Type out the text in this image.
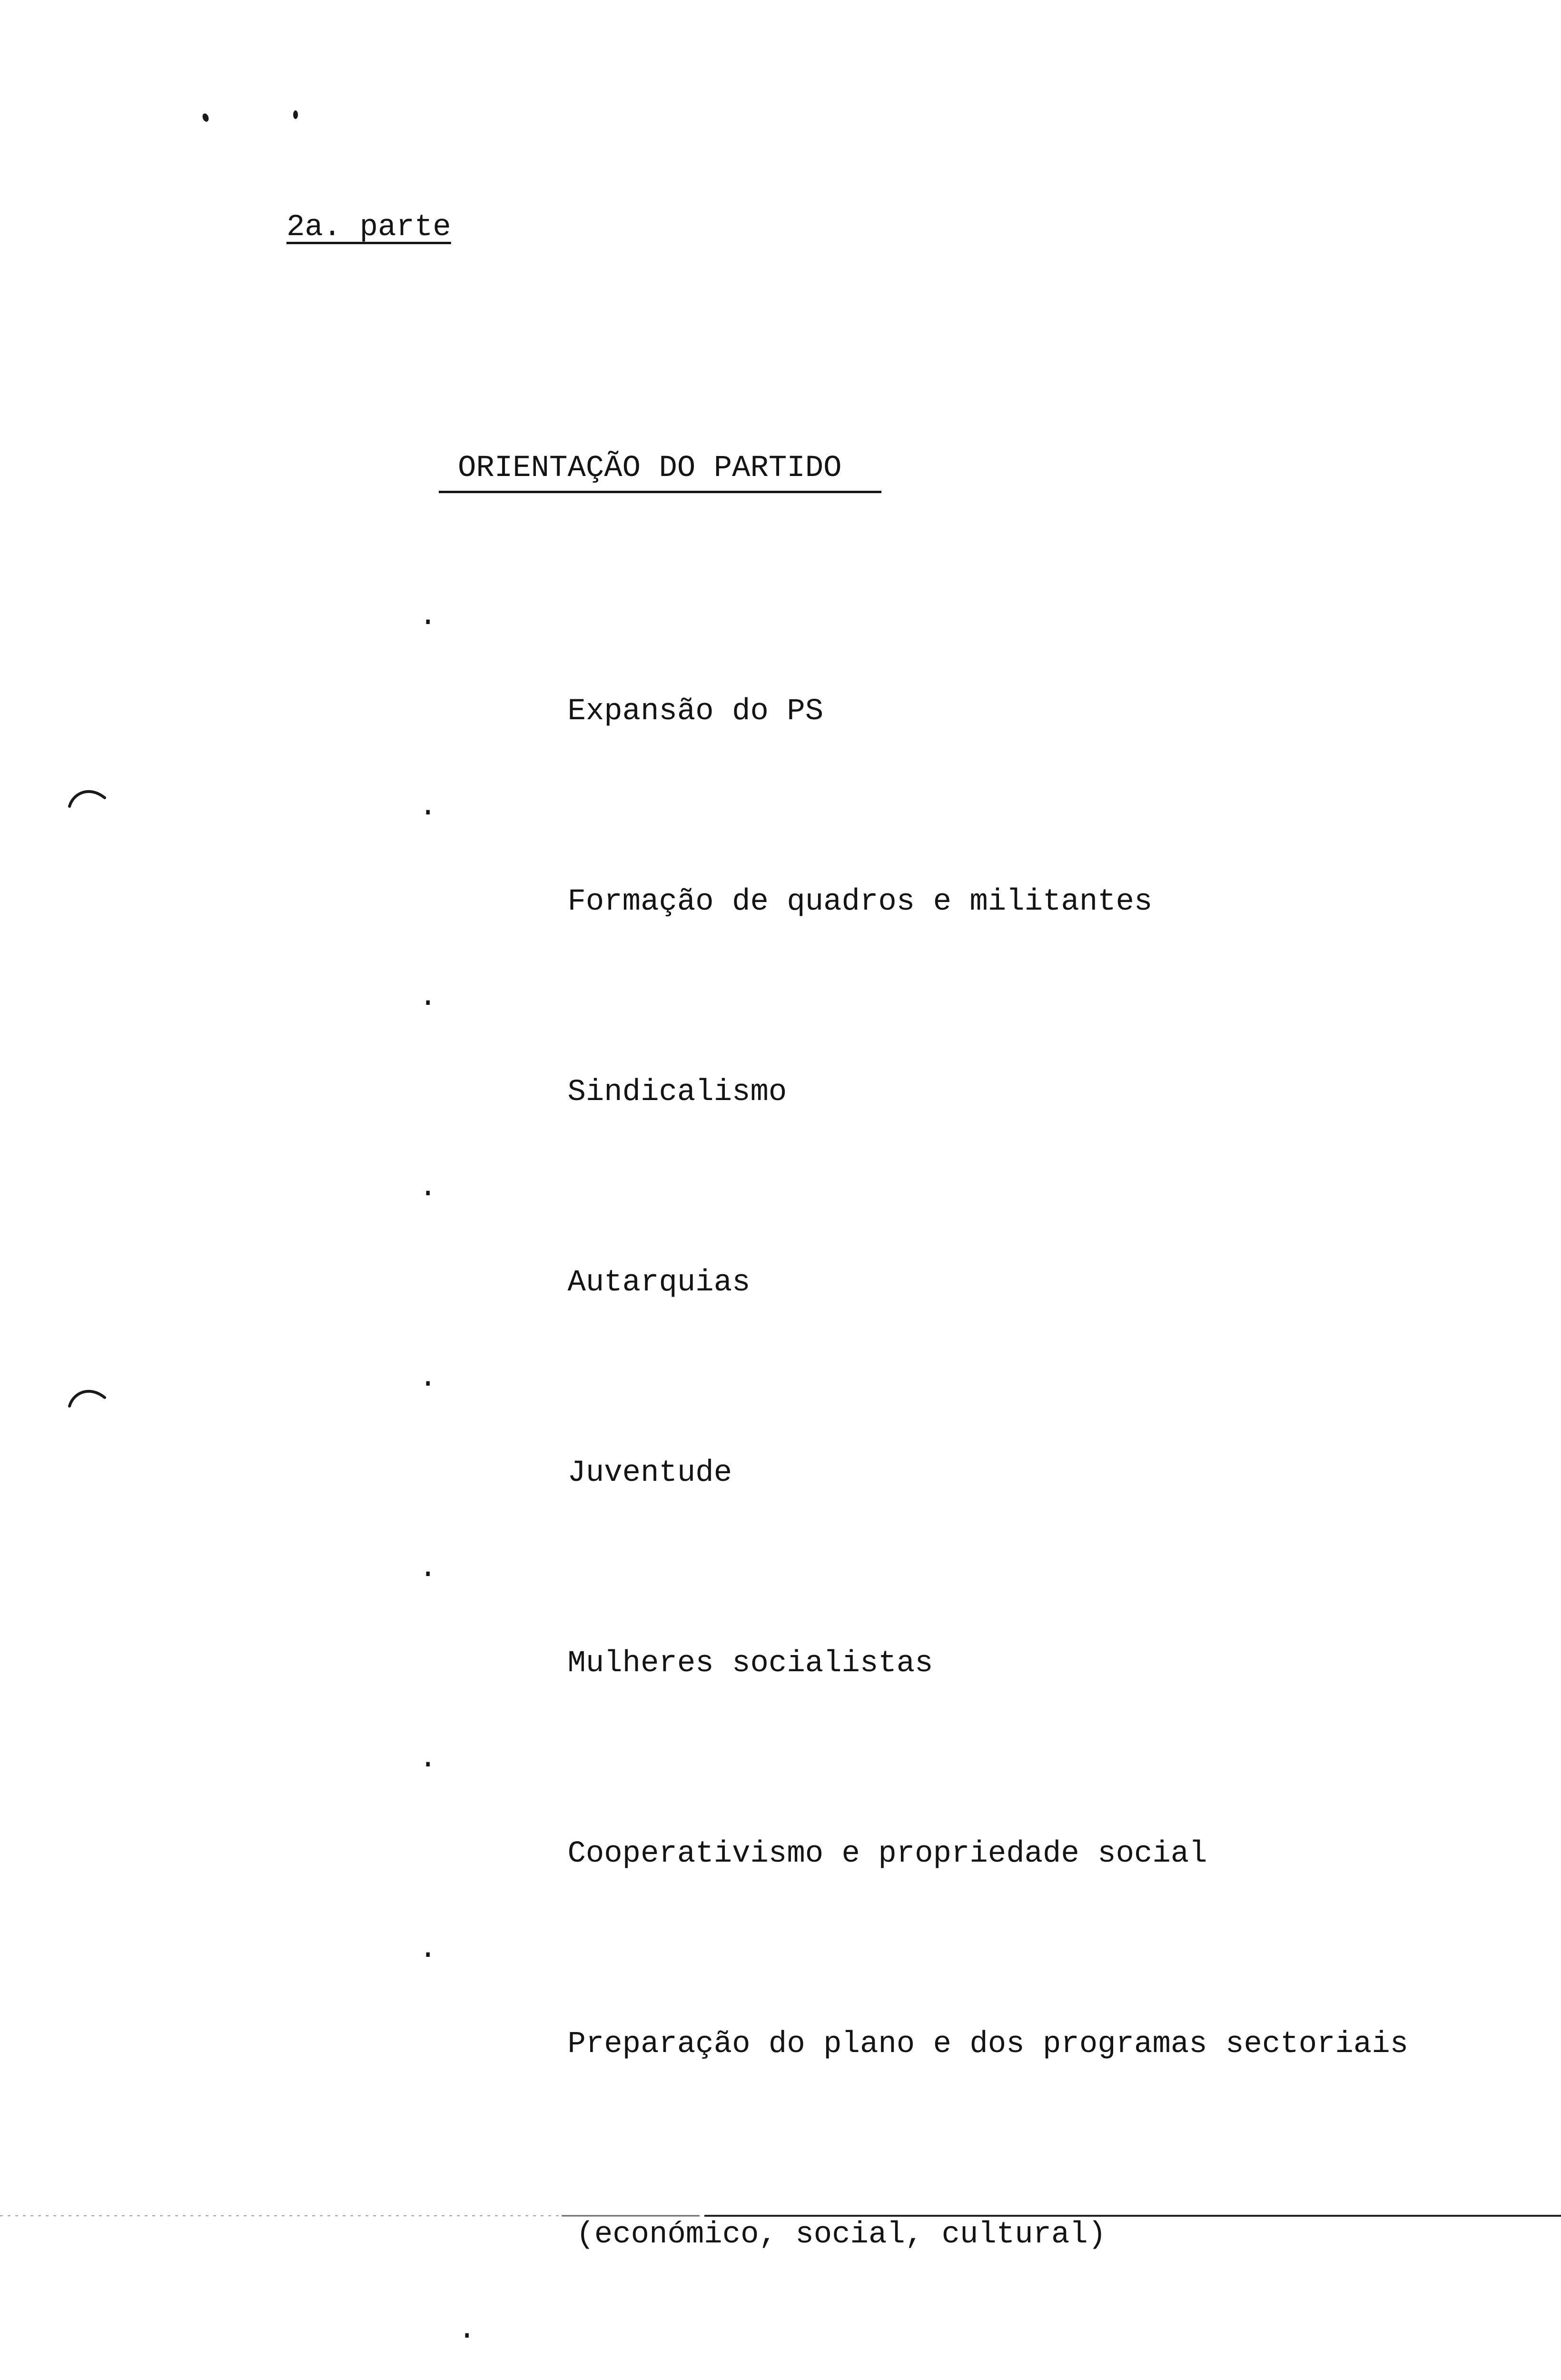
2a. parte
ORIENTAÇÃO DO PARTIDO

.

Expansão do PS

.

Formação de quadros e militantes

.

Sindicalismo

.

Autarquias

.

Juventude

.

Mulheres socialistas

.

Cooperativismo e propriedade social

.

Preparação do plano e dos programas sectoriais

(económico, social, cultural)

.
